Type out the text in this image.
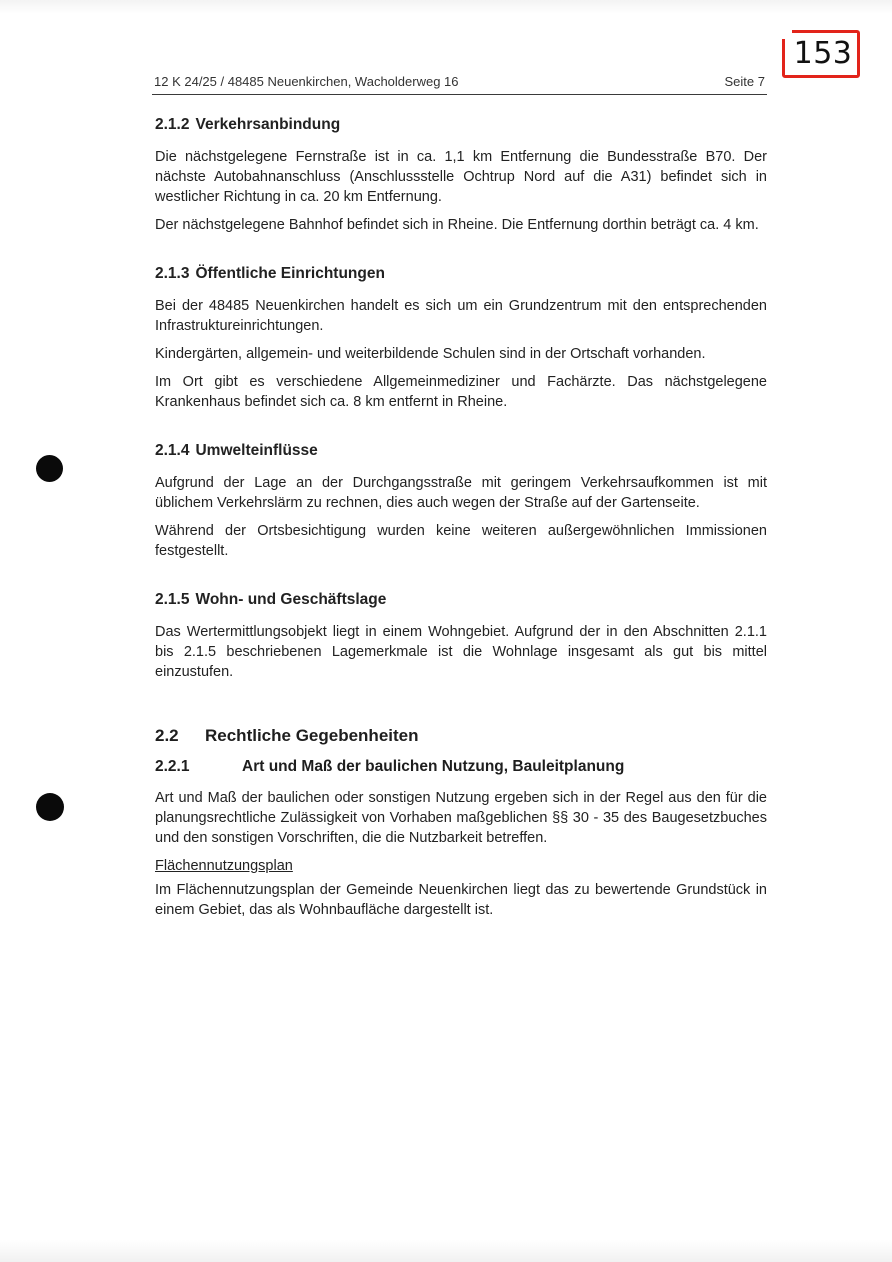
153
12 K 24/25 / 48485 Neuenkirchen, Wacholderweg 16	Seite 7
2.1.2 Verkehrsanbindung

Die nächstgelegene Fernstraße ist in ca. 1,1 km Entfernung die Bundesstraße B70. Der nächste Autobahnanschluss (Anschlussstelle Ochtrup Nord auf die A31) befindet sich in westlicher Richtung in ca. 20 km Entfernung.

Der nächstgelegene Bahnhof befindet sich in Rheine. Die Entfernung dorthin beträgt ca. 4 km.

2.1.3 Öffentliche Einrichtungen

Bei der 48485 Neuenkirchen handelt es sich um ein Grundzentrum mit den entsprechenden Infrastruktureinrichtungen.

Kindergärten, allgemein- und weiterbildende Schulen sind in der Ortschaft vorhanden.

Im Ort gibt es verschiedene Allgemeinmediziner und Fachärzte. Das nächstgelegene Krankenhaus befindet sich ca. 8 km entfernt in Rheine.

2.1.4 Umwelteinflüsse

Aufgrund der Lage an der Durchgangsstraße mit geringem Verkehrsaufkommen ist mit üblichem Verkehrslärm zu rechnen, dies auch wegen der Straße auf der Gartenseite.

Während der Ortsbesichtigung wurden keine weiteren außergewöhnlichen Immissionen festgestellt.

2.1.5 Wohn- und Geschäftslage

Das Wertermittlungsobjekt liegt in einem Wohngebiet. Aufgrund der in den Abschnitten 2.1.1 bis 2.1.5 beschriebenen Lagemerkmale ist die Wohnlage insgesamt als gut bis mittel einzustufen.

2.2 Rechtliche Gegebenheiten
2.2.1	Art und Maß der baulichen Nutzung, Bauleitplanung

Art und Maß der baulichen oder sonstigen Nutzung ergeben sich in der Regel aus den für die planungsrechtliche Zulässigkeit von Vorhaben maßgeblichen §§ 30 - 35 des Baugesetzbuches und den sonstigen Vorschriften, die die Nutzbarkeit betreffen.

Flächennutzungsplan

Im Flächennutzungsplan der Gemeinde Neuenkirchen liegt das zu bewertende Grundstück in einem Gebiet, das als Wohnbaufläche dargestellt ist.
